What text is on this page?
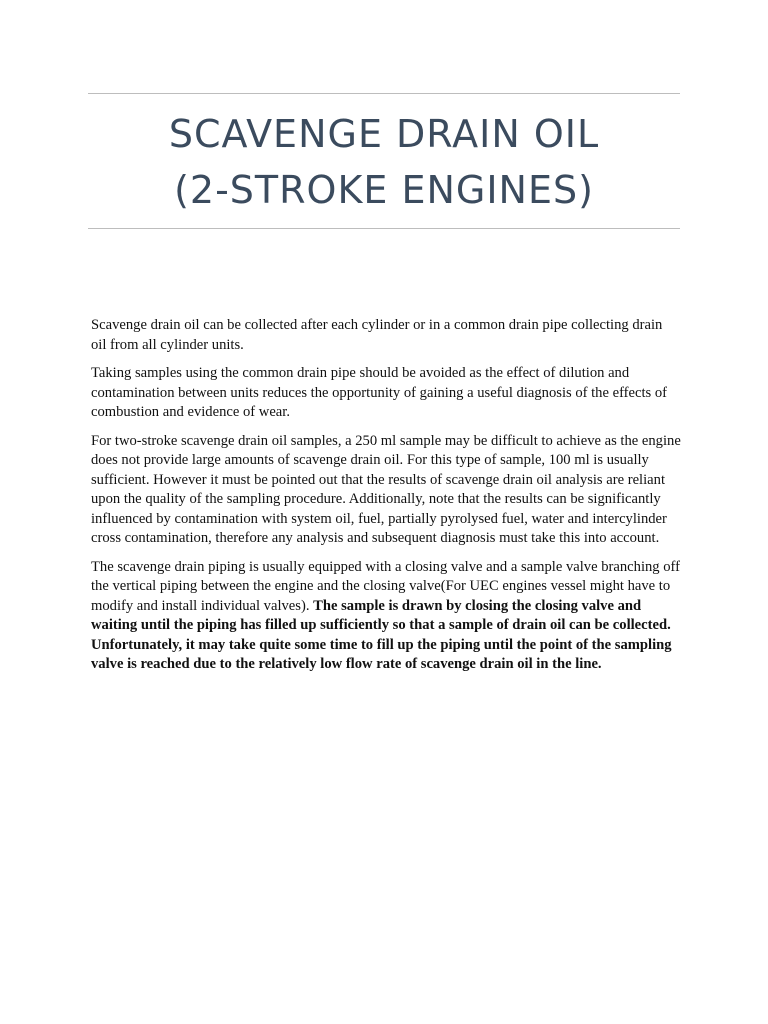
SCAVENGE DRAIN OIL
(2-STROKE ENGINES)

Scavenge drain oil can be collected after each cylinder or in a common drain pipe collecting drain oil from all cylinder units.

Taking samples using the common drain pipe should be avoided as the effect of dilution and contamination between units reduces the opportunity of gaining a useful diagnosis of the effects of combustion and evidence of wear.

For two-stroke scavenge drain oil samples, a 250 ml sample may be difficult to achieve as the engine does not provide large amounts of scavenge drain oil. For this type of sample, 100 ml is usually sufficient. However it must be pointed out that the results of scavenge drain oil analysis are reliant upon the quality of the sampling procedure. Additionally, note that the results can be significantly influenced by contamination with system oil, fuel, partially pyrolysed fuel, water and intercylinder cross contamination, therefore any analysis and subsequent diagnosis must take this into account.

The scavenge drain piping is usually equipped with a closing valve and a sample valve branching off the vertical piping between the engine and the closing valve(For UEC engines vessel might have to modify and install individual valves). The sample is drawn by closing the closing valve and waiting until the piping has filled up sufficiently so that a sample of drain oil can be collected. Unfortunately, it may take quite some time to fill up the piping until the point of the sampling valve is reached due to the relatively low flow rate of scavenge drain oil in the line.
